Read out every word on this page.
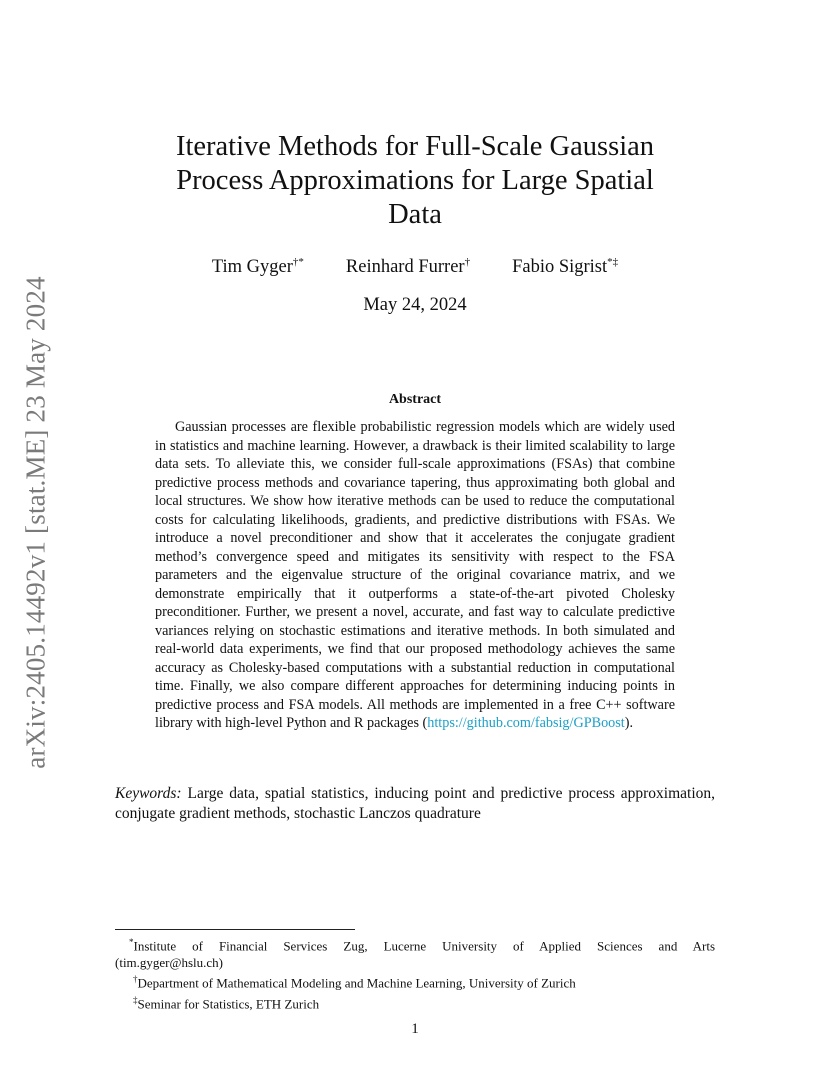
arXiv:2405.14492v1 [stat.ME] 23 May 2024
Iterative Methods for Full-Scale Gaussian
Process Approximations for Large Spatial
Data
Tim Gyger†* Reinhard Furrer† Fabio Sigrist*‡
May 24, 2024
Abstract
Gaussian processes are flexible probabilistic regression models which are widely used in statistics and machine learning. However, a drawback is their limited scalability to large data sets. To alleviate this, we consider full-scale approximations (FSAs) that combine predictive process methods and covariance tapering, thus approximating both global and local structures. We show how iterative methods can be used to reduce the computational costs for calculating likelihoods, gradients, and predictive distributions with FSAs. We introduce a novel preconditioner and show that it accelerates the conjugate gradient method’s convergence speed and mitigates its sensitivity with respect to the FSA parameters and the eigenvalue structure of the original covariance matrix, and we demonstrate empirically that it outperforms a state-of-the-art pivoted Cholesky preconditioner. Further, we present a novel, accurate, and fast way to calculate predictive variances relying on stochastic estimations and iterative methods. In both simulated and real-world data experiments, we find that our proposed methodology achieves the same accuracy as Cholesky-based computations with a substantial reduction in computational time. Finally, we also compare different approaches for determining inducing points in predictive process and FSA models. All methods are implemented in a free C++ software library with high-level Python and R packages (https://github.com/fabsig/GPBoost).
Keywords: Large data, spatial statistics, inducing point and predictive process approximation, conjugate gradient methods, stochastic Lanczos quadrature
*Institute of Financial Services Zug, Lucerne University of Applied Sciences and Arts (tim.gyger@hslu.ch)
†Department of Mathematical Modeling and Machine Learning, University of Zurich
‡Seminar for Statistics, ETH Zurich
1
